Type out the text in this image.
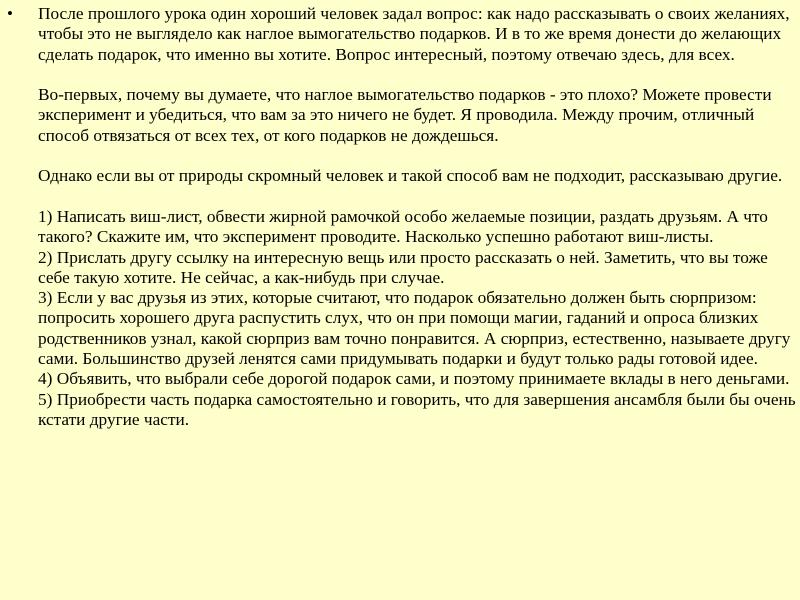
• После прошлого урока один хороший человек задал вопрос: как надо рассказывать о своих желаниях, чтобы это не выглядело как наглое вымогательство подарков. И в то же время донести до желающих сделать подарок, что именно вы хотите. Вопрос интересный, поэтому отвечаю здесь, для всех.

Во-первых, почему вы думаете, что наглое вымогательство подарков - это плохо? Можете провести эксперимент и убедиться, что вам за это ничего не будет. Я проводила. Между прочим, отличный способ отвязаться от всех тех, от кого подарков не дождешься.

Однако если вы от природы скромный человек и такой способ вам не подходит, рассказываю другие.

1) Написать виш-лист, обвести жирной рамочкой особо желаемые позиции, раздать друзьям. А что такого? Скажите им, что эксперимент проводите. Насколько успешно работают виш-листы.

2) Прислать другу ссылку на интересную вещь или просто рассказать о ней. Заметить, что вы тоже себе такую хотите. Не сейчас, а как-нибудь при случае.

3) Если у вас друзья из этих, которые считают, что подарок обязательно должен быть сюрпризом: попросить хорошего друга распустить слух, что он при помощи магии, гаданий и опроса близких родственников узнал, какой сюрприз вам точно понравится. А сюрприз, естественно, называете другу сами. Большинство друзей ленятся сами придумывать подарки и будут только рады готовой идее.

4) Объявить, что выбрали себе дорогой подарок сами, и поэтому принимаете вклады в него деньгами.

5) Приобрести часть подарка самостоятельно и говорить, что для завершения ансамбля были бы очень кстати другие части.
